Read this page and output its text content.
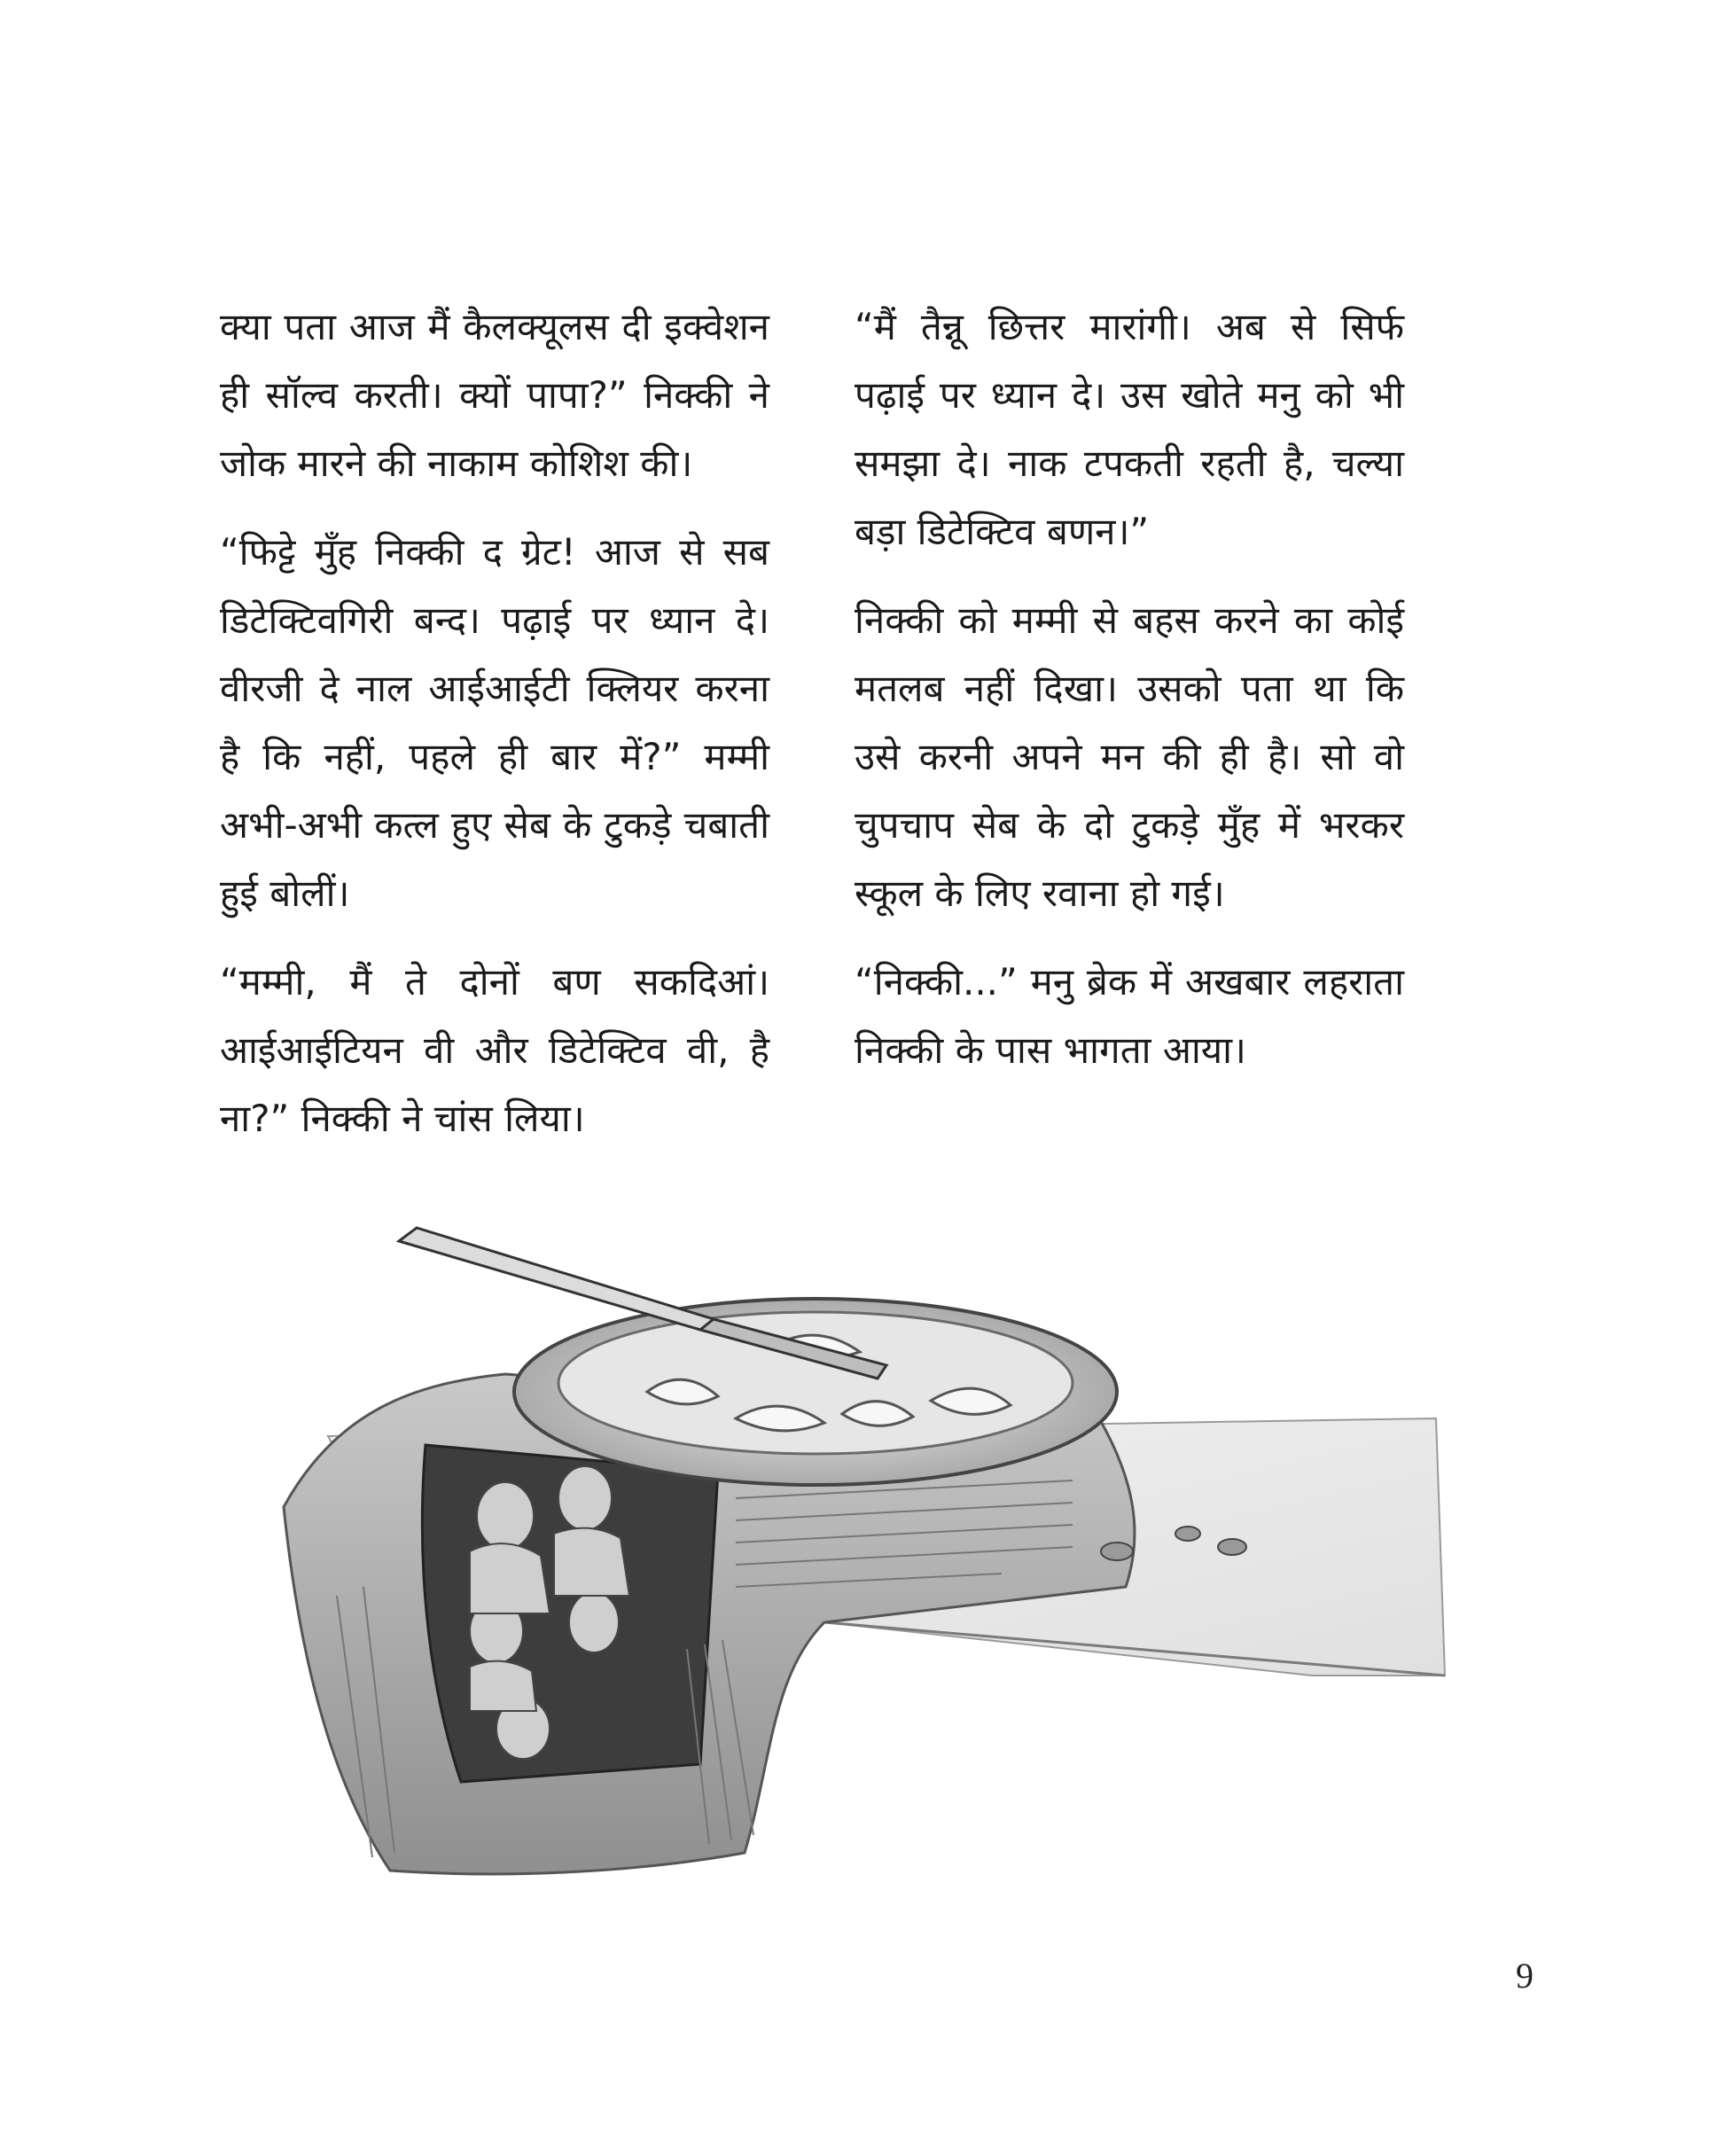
क्या पता आज मैं कैलक्यूलस दी इक्वेशन ही सॉल्व करती। क्यों पापा?” निक्की ने जोक मारने की नाकाम कोशिश की।

“फिट्टे मुँह निक्की द ग्रेट! आज से सब डिटेक्टिवगिरी बन्द। पढ़ाई पर ध्यान दे। वीरजी दे नाल आईआईटी क्लियर करना है कि नहीं, पहले ही बार में?” मम्मी अभी-अभी कत्ल हुए सेब के टुकड़े चबाती हुई बोलीं।

“मम्मी, मैं ते दोनों बण सकदिआं। आईआईटियन वी और डिटेक्टिव वी, है ना?” निक्की ने चांस लिया।

“मैं तैन्नू छित्तर मारांगी। अब से सिर्फ पढ़ाई पर ध्यान दे। उस खोते मनु को भी समझा दे। नाक टपकती रहती है, चल्या बड़ा डिटेक्टिव बणन।”

निक्की को मम्मी से बहस करने का कोई मतलब नहीं दिखा। उसको पता था कि उसे करनी अपने मन की ही है। सो वो चुपचाप सेब के दो टुकड़े मुँह में भरकर स्कूल के लिए रवाना हो गई।

“निक्की...” मनु ब्रेक में अखबार लहराता निक्की के पास भागता आया।

9
